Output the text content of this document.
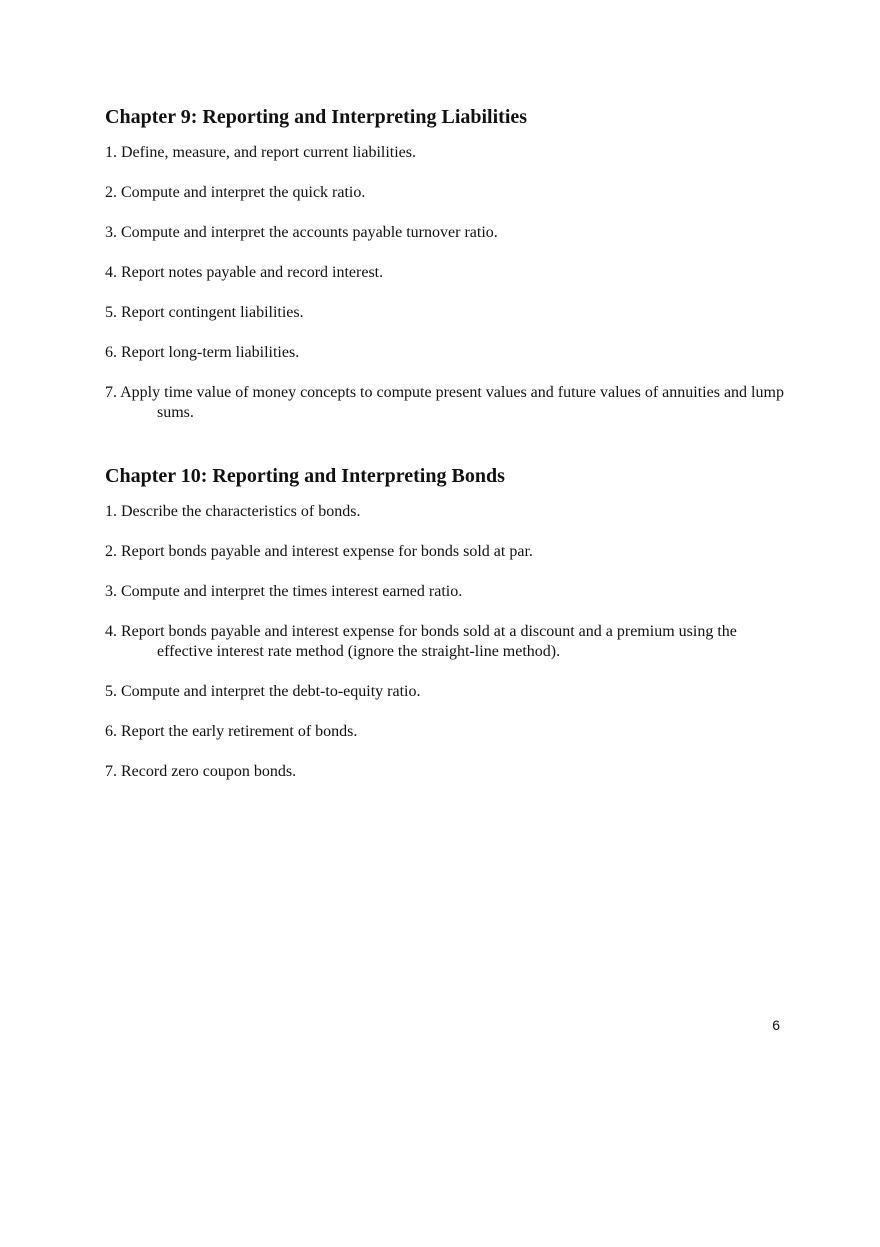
Chapter 9: Reporting and Interpreting Liabilities
1. Define, measure, and report current liabilities.
2. Compute and interpret the quick ratio.
3. Compute and interpret the accounts payable turnover ratio.
4. Report notes payable and record interest.
5. Report contingent liabilities.
6. Report long-term liabilities.
7. Apply time value of money concepts to compute present values and future values of annuities and lump sums.
Chapter 10: Reporting and Interpreting Bonds
1. Describe the characteristics of bonds.
2. Report bonds payable and interest expense for bonds sold at par.
3. Compute and interpret the times interest earned ratio.
4. Report bonds payable and interest expense for bonds sold at a discount and a premium using the effective interest rate method (ignore the straight-line method).
5. Compute and interpret the debt-to-equity ratio.
6. Report the early retirement of bonds.
7. Record zero coupon bonds.
6
